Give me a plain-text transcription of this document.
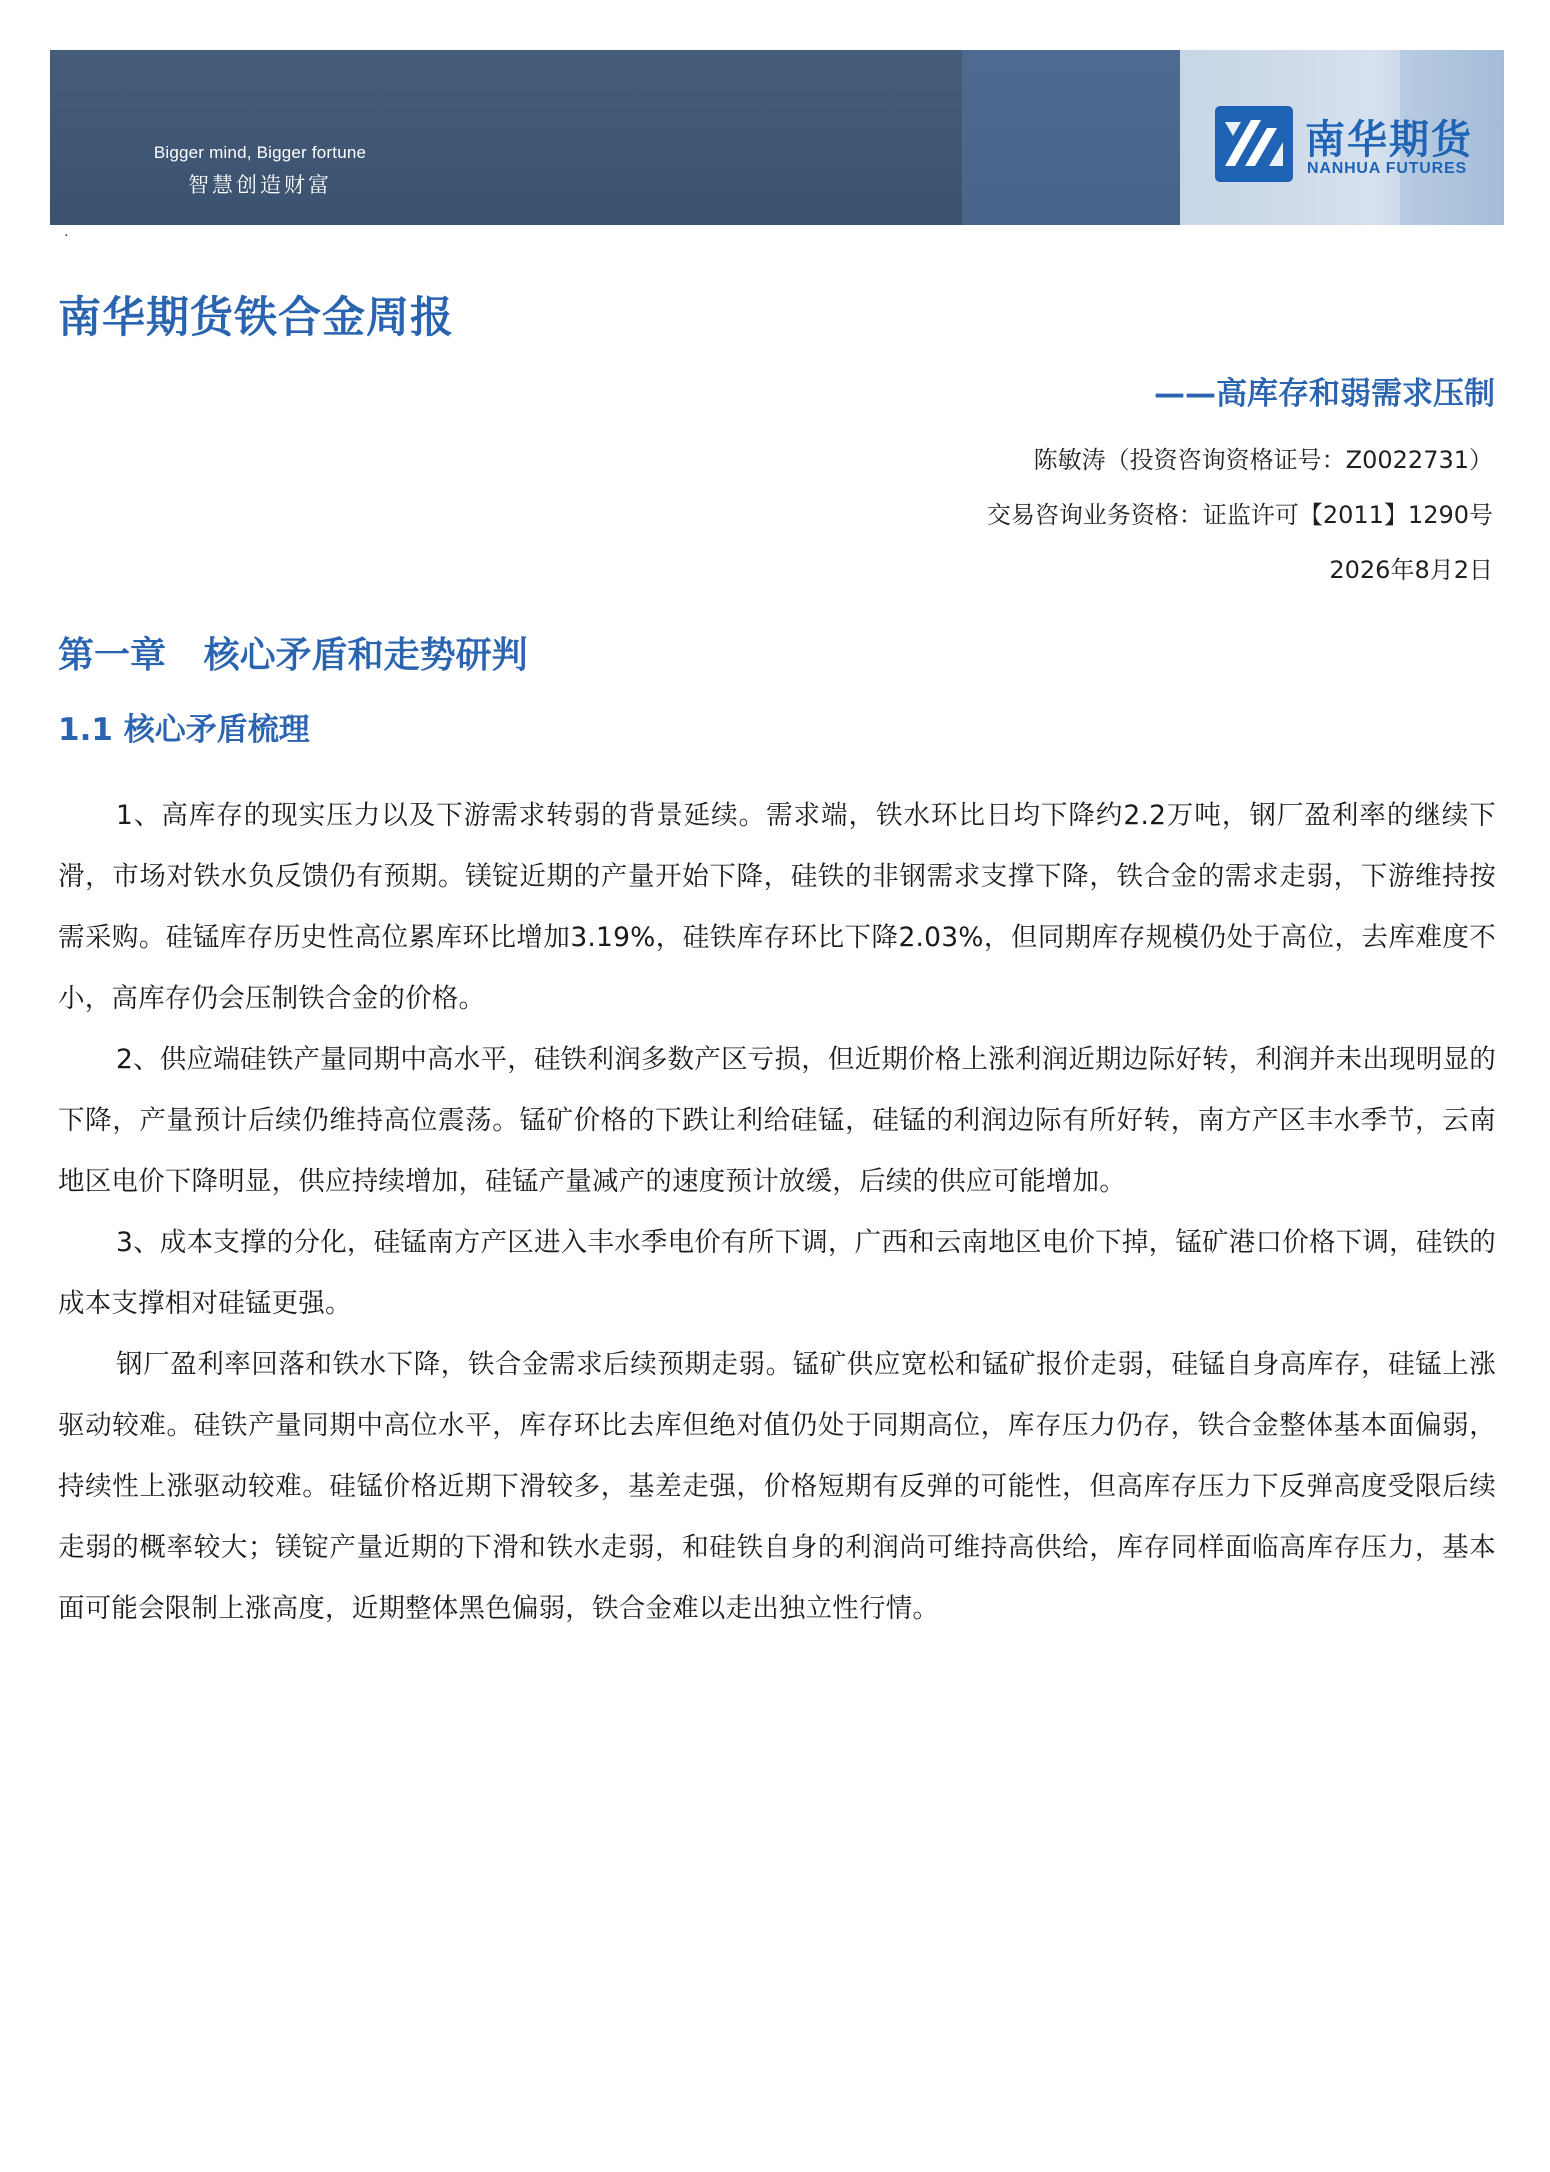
Bigger mind, Bigger fortune
智慧创造财富
南华期货
NANHUA FUTURES
·
南华期货铁合金周报
——高库存和弱需求压制
陈敏涛（投资咨询资格证号：Z0022731）
交易咨询业务资格：证监许可【2011】1290号
2026年8月2日
第一章   核心矛盾和走势研判
1.1 核心矛盾梳理

1、高库存的现实压力以及下游需求转弱的背景延续。需求端，铁水环比日均下降约2.2万吨，钢厂盈利率的继续下滑，市场对铁水负反馈仍有预期。镁锭近期的产量开始下降，硅铁的非钢需求支撑下降，铁合金的需求走弱，下游维持按需采购。硅锰库存历史性高位累库环比增加3.19%，硅铁库存环比下降2.03%，但同期库存规模仍处于高位，去库难度不小，高库存仍会压制铁合金的价格。

2、供应端硅铁产量同期中高水平，硅铁利润多数产区亏损，但近期价格上涨利润近期边际好转，利润并未出现明显的下降，产量预计后续仍维持高位震荡。锰矿价格的下跌让利给硅锰，硅锰的利润边际有所好转，南方产区丰水季节，云南地区电价下降明显，供应持续增加，硅锰产量减产的速度预计放缓，后续的供应可能增加。

3、成本支撑的分化，硅锰南方产区进入丰水季电价有所下调，广西和云南地区电价下掉，锰矿港口价格下调，硅铁的成本支撑相对硅锰更强。

钢厂盈利率回落和铁水下降，铁合金需求后续预期走弱。锰矿供应宽松和锰矿报价走弱，硅锰自身高库存，硅锰上涨驱动较难。硅铁产量同期中高位水平，库存环比去库但绝对值仍处于同期高位，库存压力仍存，铁合金整体基本面偏弱，持续性上涨驱动较难。硅锰价格近期下滑较多，基差走强，价格短期有反弹的可能性，但高库存压力下反弹高度受限后续走弱的概率较大；镁锭产量近期的下滑和铁水走弱，和硅铁自身的利润尚可维持高供给，库存同样面临高库存压力，基本面可能会限制上涨高度，近期整体黑色偏弱，铁合金难以走出独立性行情。
